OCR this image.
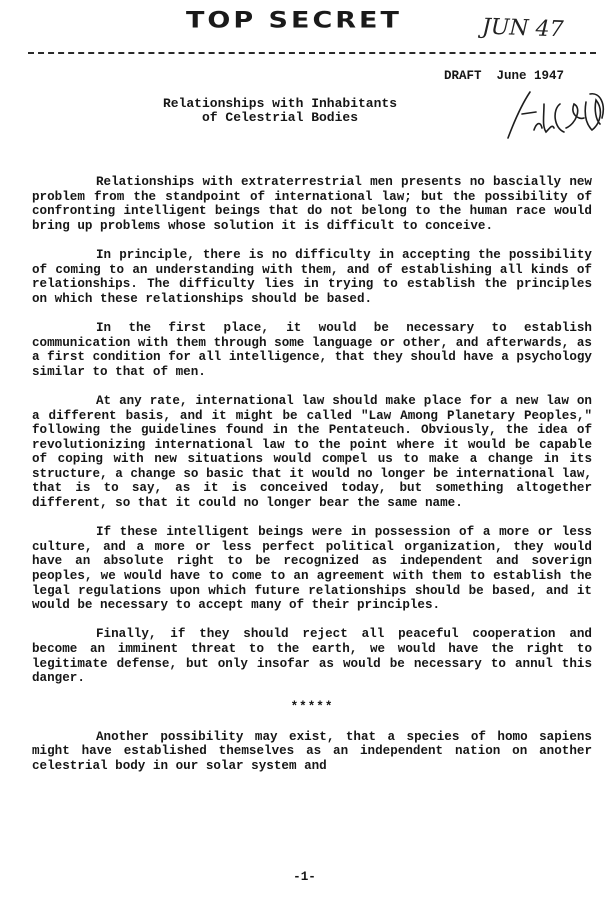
TOP SECRET	JUN 47
DRAFT June 1947
Relationships with Inhabitants
of Celestrial Bodies

Relationships with extraterrestrial men presents no bascially new problem from the standpoint of international law; but the possibility of confronting intelligent beings that do not belong to the human race would bring up problems whose solution it is difficult to conceive.

In principle, there is no difficulty in accepting the possibility of coming to an understanding with them, and of establishing all kinds of relationships. The difficulty lies in trying to establish the principles on which these relationships should be based.

In the first place, it would be necessary to establish communication with them through some language or other, and afterwards, as a first condition for all intelligence, that they should have a psychology similar to that of men.

At any rate, international law should make place for a new law on a different basis, and it might be called "Law Among Planetary Peoples," following the guidelines found in the Pentateuch. Obviously, the idea of revolutionizing international law to the point where it would be capable of coping with new situations would compel us to make a change in its structure, a change so basic that it would no longer be international law, that is to say, as it is conceived today, but something altogether different, so that it could no longer bear the same name.

If these intelligent beings were in possession of a more or less culture, and a more or less perfect political organization, they would have an absolute right to be recognized as independent and soverign peoples, we would have to come to an agreement with them to establish the legal regulations upon which future relationships should be based, and it would be necessary to accept many of their principles.

Finally, if they should reject all peaceful cooperation and become an imminent threat to the earth, we would have the right to legitimate defense, but only insofar as would be necessary to annul this danger.

*****

Another possibility may exist, that a species of homo sapiens might have established themselves as an independent nation on another celestrial body in our solar system and

-1-
